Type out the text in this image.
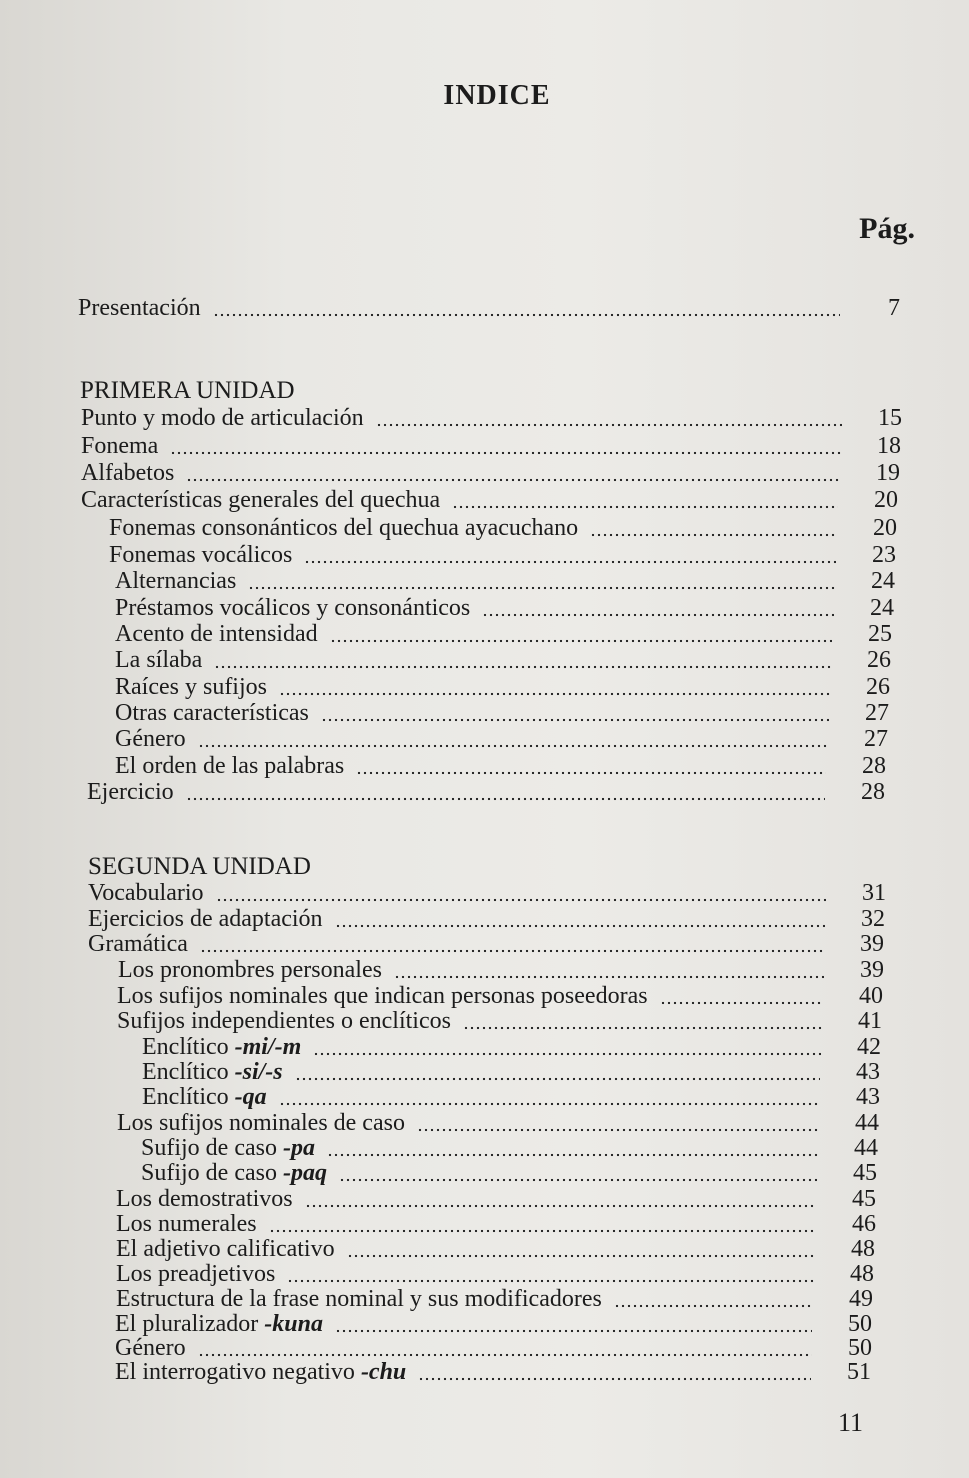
INDICE
Pág.
Presentación	7
PRIMERA UNIDAD
Punto y modo de articulación	15
Fonema	18
Alfabetos	19
Características generales del quechua	20
Fonemas consonánticos del quechua ayacuchano	20
Fonemas vocálicos	23
Alternancias	24
Préstamos vocálicos y consonánticos	24
Acento de intensidad	25
La sílaba	26
Raíces y sufijos	26
Otras características	27
Género	27
El orden de las palabras	28
Ejercicio	28
SEGUNDA UNIDAD
Vocabulario	31
Ejercicios de adaptación	32
Gramática	39
Los pronombres personales	39
Los sufijos nominales que indican personas poseedoras	40
Sufijos independientes o enclíticos	41
Enclítico -mi/-m	42
Enclítico -si/-s	43
Enclítico -qa	43
Los sufijos nominales de caso	44
Sufijo de caso -pa	44
Sufijo de caso -paq	45
Los demostrativos	45
Los numerales	46
El adjetivo calificativo	48
Los preadjetivos	48
Estructura de la frase nominal y sus modificadores	49
El pluralizador -kuna	50
Género	50
El interrogativo negativo -chu	51
11
